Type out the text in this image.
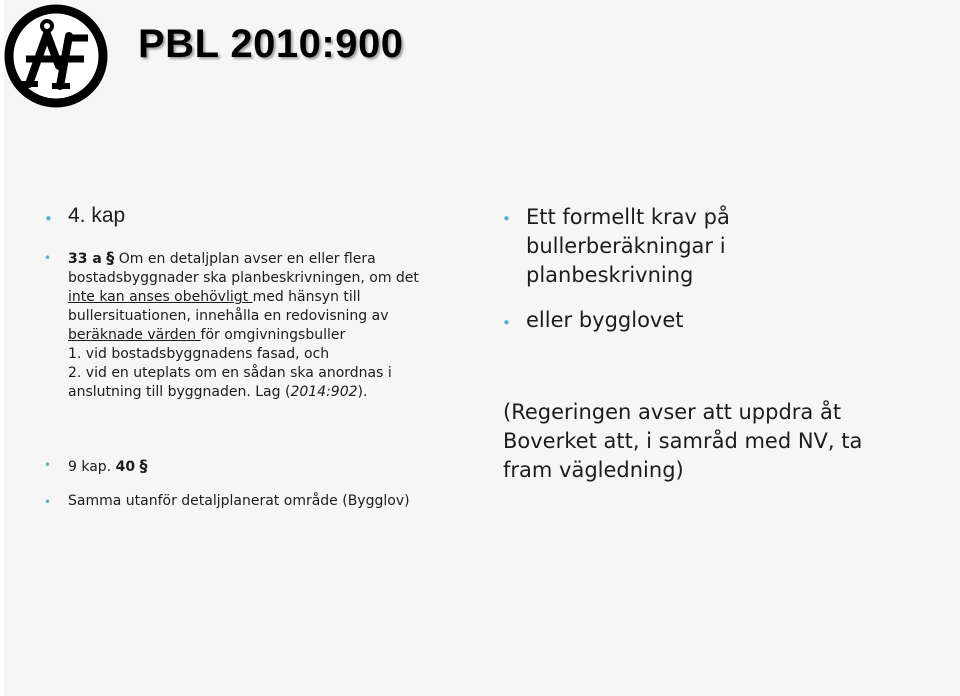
PBL 2010:900
• 4. kap

• 33 a § Om en detaljplan avser en eller flera
bostadsbyggnader ska planbeskrivningen, om det
inte kan anses obehövligt med hänsyn till
bullersituationen, innehålla en redovisning av
beräknade värden för omgivningsbuller
1. vid bostadsbyggnadens fasad, och
2. vid en uteplats om en sådan ska anordnas i
anslutning till byggnaden. Lag (2014:902).
• 9 kap. 40 §
• Samma utanför detaljplanerat område (Bygglov)

• Ett formellt krav på
bullerberäkningar i
planbeskrivning
• eller bygglovet

(Regeringen avser att uppdra åt
Boverket att, i samråd med NV, ta
fram vägledning)
